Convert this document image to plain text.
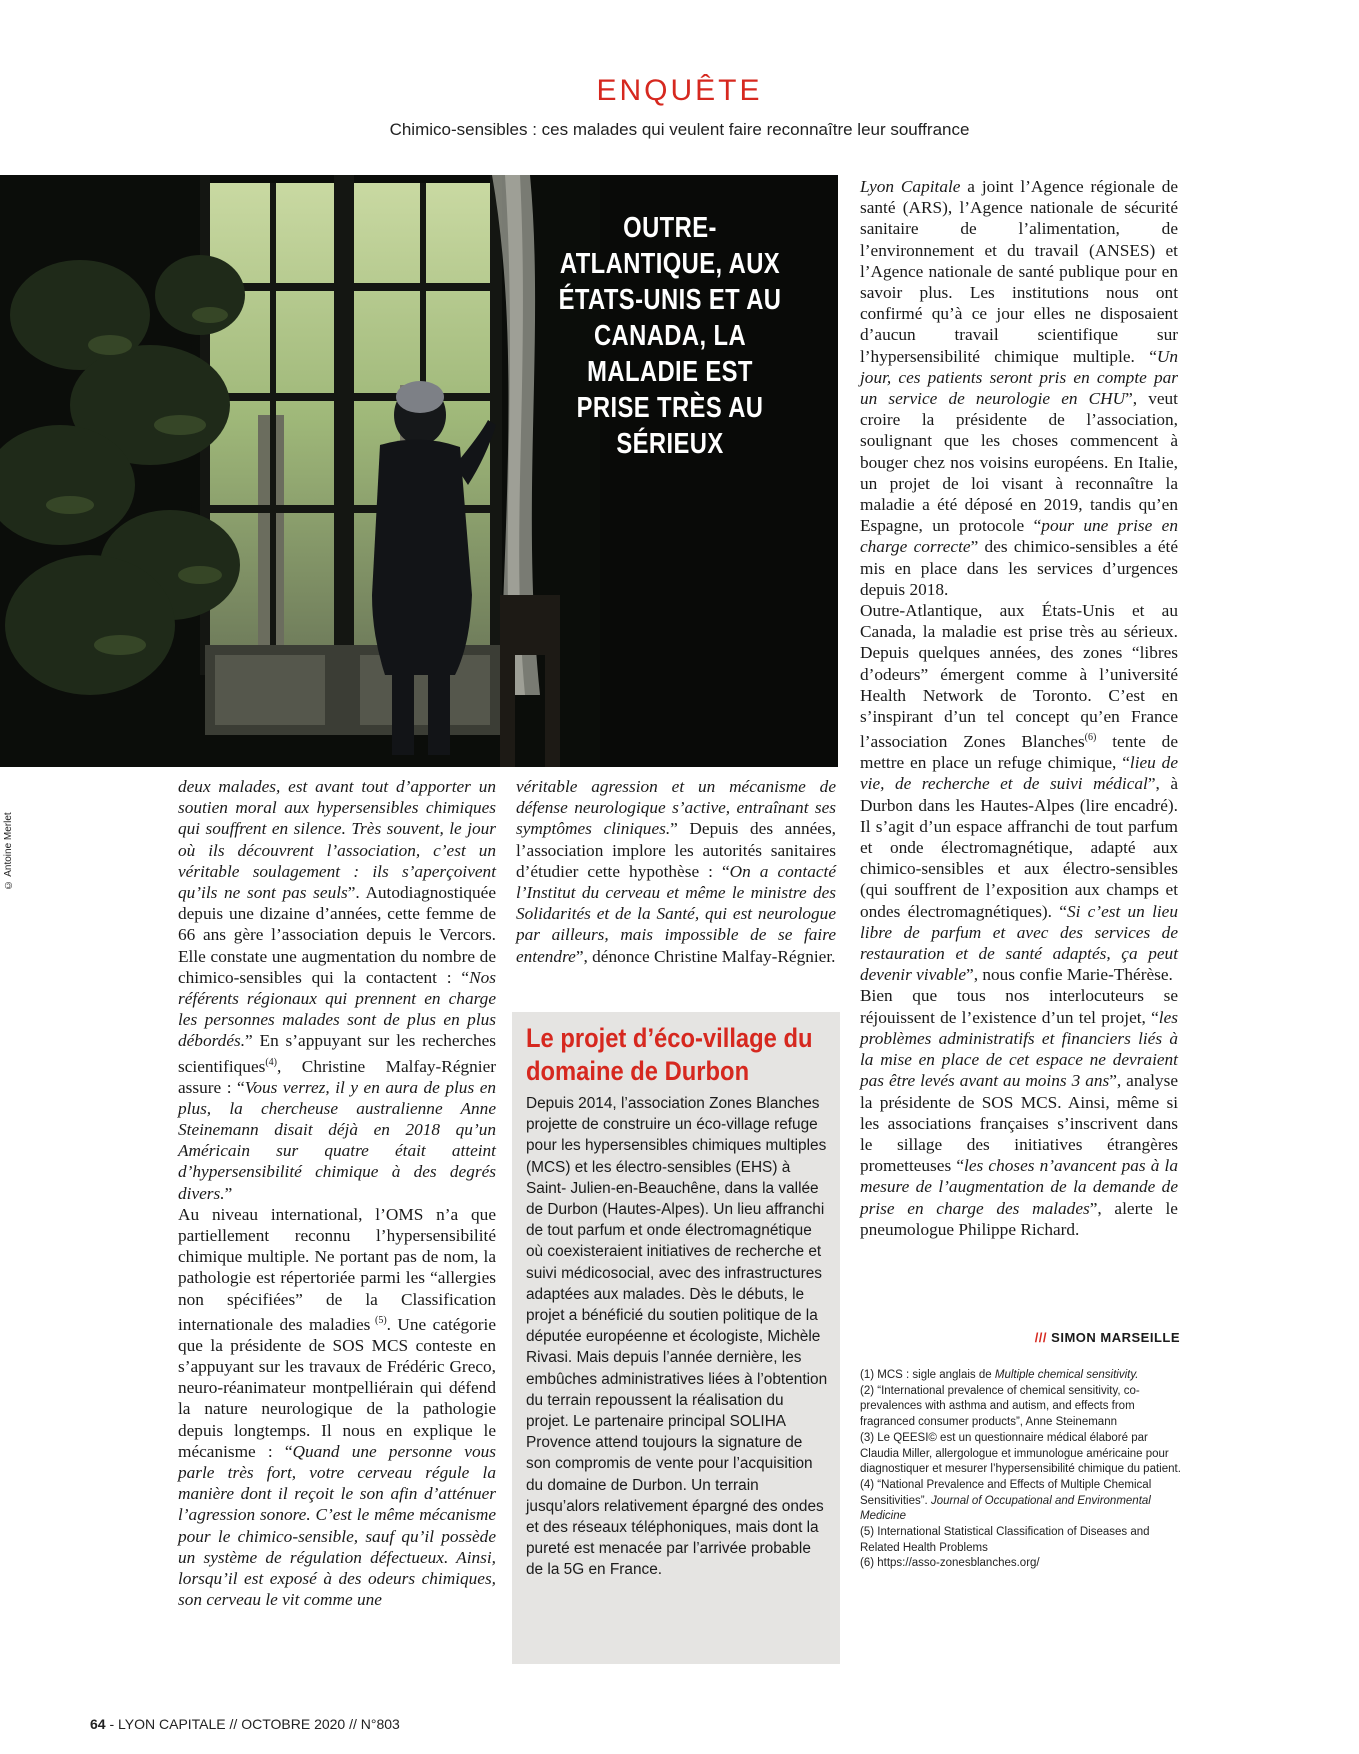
ENQUÊTE
Chimico-sensibles : ces malades qui veulent faire reconnaître leur souffrance
OUTRE-ATLANTIQUE, AUX ÉTATS-UNIS ET AU CANADA, LA MALADIE EST PRISE TRÈS AU SÉRIEUX
© Antoine Merlet

deux malades, est avant tout d’apporter un soutien moral aux hypersensibles chimiques qui souffrent en silence. Très souvent, le jour où ils découvrent l’association, c’est un véritable soulagement : ils s’aperçoivent qu’ils ne sont pas seuls”. Autodiagnostiquée depuis une dizaine d’années, cette femme de 66 ans gère l’association depuis le Vercors. Elle constate une augmentation du nombre de chimico-sensibles qui la contactent : “Nos référents régionaux qui prennent en charge les personnes malades sont de plus en plus débordés.” En s’appuyant sur les recherches scientifiques$^{(4)}$, Christine Malfay-Régnier assure : “Vous verrez, il y en aura de plus en plus, la chercheuse australienne Anne Steinemann disait déjà en 2018 qu’un Américain sur quatre était atteint d’hypersensibilité chimique à des degrés divers.”

Au niveau international, l’OMS n’a que partiellement reconnu l’hypersensibilité chimique multiple. Ne portant pas de nom, la pathologie est répertoriée parmi les “allergies non spécifiées” de la Classification internationale des maladies $^{(5)}$. Une catégorie que la présidente de SOS MCS conteste en s’appuyant sur les travaux de Frédéric Greco, neuro-réanimateur montpelliérain qui défend la nature neurologique de la pathologie depuis longtemps. Il nous en explique le mécanisme : “Quand une personne vous parle très fort, votre cerveau régule la manière dont il reçoit le son afin d’atténuer l’agression sonore. C’est le même mécanisme pour le chimico-sensible, sauf qu’il possède un système de régulation défectueux. Ainsi, lorsqu’il est exposé à des odeurs chimiques, son cerveau le vit comme une

véritable agression et un mécanisme de défense neurologique s’active, entraînant ses symptômes cliniques.” Depuis des années, l’association implore les autorités sanitaires d’étudier cette hypothèse : “On a contacté l’Institut du cerveau et même le ministre des Solidarités et de la Santé, qui est neurologue par ailleurs, mais impossible de se faire entendre”, dénonce Christine Malfay-Régnier.

Le projet d’éco-village du domaine de Durbon
Depuis 2014, l’association Zones Blanches projette de construire un éco-village refuge pour les hypersensibles chimiques multiples (MCS) et les électro-sensibles (EHS) à Saint- Julien-en-Beauchêne, dans la vallée de Durbon (Hautes-Alpes). Un lieu affranchi de tout parfum et onde électromagnétique où coexisteraient initiatives de recherche et suivi médicosocial, avec des infrastructures adaptées aux malades. Dès le débuts, le projet a bénéficié du soutien politique de la députée européenne et écologiste, Michèle Rivasi. Mais depuis l’année dernière, les embûches administratives liées à l’obtention du terrain repoussent la réalisation du projet. Le partenaire principal SOLIHA Provence attend toujours la signature de son compromis de vente pour l’acquisition du domaine de Durbon. Un terrain jusqu’alors relativement épargné des ondes et des réseaux téléphoniques, mais dont la pureté est menacée par l’arrivée probable de la 5G en France.

Lyon Capitale a joint l’Agence régionale de santé (ARS), l’Agence nationale de sécurité sanitaire de l’alimentation, de l’environnement et du travail (ANSES) et l’Agence nationale de santé publique pour en savoir plus. Les institutions nous ont confirmé qu’à ce jour elles ne disposaient d’aucun travail scientifique sur l’hypersensibilité chimique multiple. “Un jour, ces patients seront pris en compte par un service de neurologie en CHU”, veut croire la présidente de l’association, soulignant que les choses commencent à bouger chez nos voisins européens. En Italie, un projet de loi visant à reconnaître la maladie a été déposé en 2019, tandis qu’en Espagne, un protocole “pour une prise en charge correcte” des chimico-sensibles a été mis en place dans les services d’urgences depuis 2018.

Outre-Atlantique, aux États-Unis et au Canada, la maladie est prise très au sérieux. Depuis quelques années, des zones “libres d’odeurs” émergent comme à l’université Health Network de Toronto. C’est en s’inspirant d’un tel concept qu’en France l’association Zones Blanches$^{(6)}$ tente de mettre en place un refuge chimique, “lieu de vie, de recherche et de suivi médical”, à Durbon dans les Hautes-Alpes (lire encadré). Il s’agit d’un espace affranchi de tout parfum et onde électromagnétique, adapté aux chimico-sensibles et aux électro-sensibles (qui souffrent de l’exposition aux champs et ondes électromagnétiques). “Si c’est un lieu libre de parfum et avec des services de restauration et de santé adaptés, ça peut devenir vivable”, nous confie Marie-Thérèse.

Bien que tous nos interlocuteurs se réjouissent de l’existence d’un tel projet, “les problèmes administratifs et financiers liés à la mise en place de cet espace ne devraient pas être levés avant au moins 3 ans”, analyse la présidente de SOS MCS. Ainsi, même si les associations françaises s’inscrivent dans le sillage des initiatives étrangères prometteuses “les choses n’avancent pas à la mesure de l’augmentation de la demande de prise en charge des malades”, alerte le pneumologue Philippe Richard.

/// SIMON MARSEILLE
(1) MCS : sigle anglais de Multiple chemical sensitivity.
(2) “International prevalence of chemical sensitivity, co-prevalences with asthma and autism, and effects from fragranced consumer products”, Anne Steinemann
(3) Le QEESI© est un questionnaire médical élaboré par Claudia Miller, allergologue et immunologue américaine pour diagnostiquer et mesurer l’hypersensibilité chimique du patient.
(4) “National Prevalence and Effects of Multiple Chemical Sensitivities”. Journal of Occupational and Environmental Medicine
(5) International Statistical Classification of Diseases and Related Health Problems
(6) https://asso-zonesblanches.org/
64 - LYON CAPITALE // OCTOBRE 2020 // N°803
